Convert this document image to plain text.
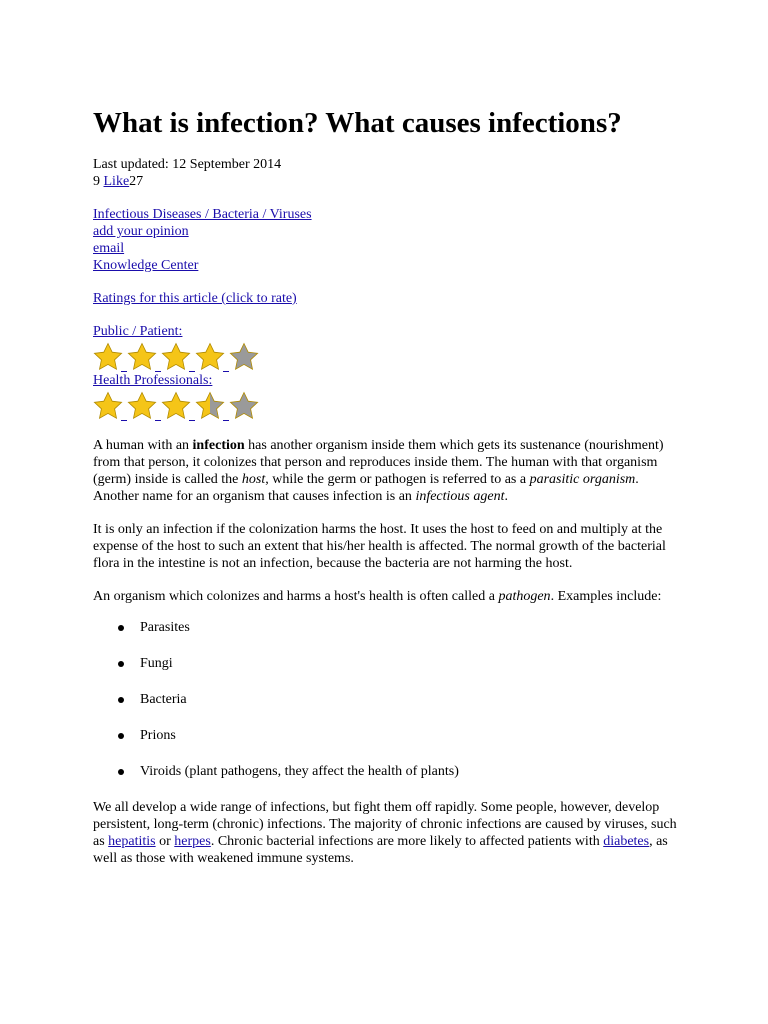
What is infection? What causes infections?
Last updated: 12 September 2014
9 Like27
Infectious Diseases / Bacteria / Viruses
add your opinion
email
Knowledge Center
Ratings for this article (click to rate)
Public / Patient:
Health Professionals:

A human with an infection has another organism inside them which gets its sustenance (nourishment) from that person, it colonizes that person and reproduces inside them. The human with that organism (germ) inside is called the host, while the germ or pathogen is referred to as a parasitic organism. Another name for an organism that causes infection is an infectious agent.

It is only an infection if the colonization harms the host. It uses the host to feed on and multiply at the expense of the host to such an extent that his/her health is affected. The normal growth of the bacterial flora in the intestine is not an infection, because the bacteria are not harming the host.

An organism which colonizes and harms a host's health is often called a pathogen. Examples include:

Parasites
Fungi
Bacteria
Prions
Viroids (plant pathogens, they affect the health of plants)

We all develop a wide range of infections, but fight them off rapidly. Some people, however, develop persistent, long-term (chronic) infections. The majority of chronic infections are caused by viruses, such as hepatitis or herpes. Chronic bacterial infections are more likely to affected patients with diabetes, as well as those with weakened immune systems.
